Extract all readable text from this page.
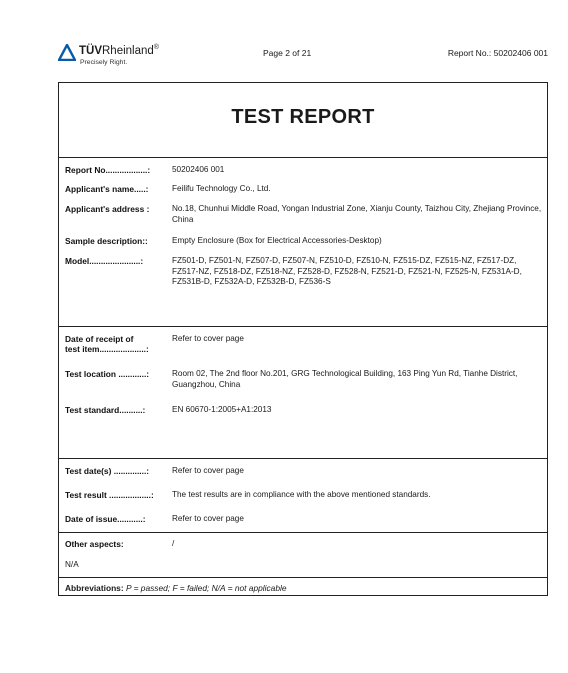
TÜVRheinland®
Precisely Right.
Page 2 of 21	Report No.: 50202406 001
TEST REPORT
Report No..................:	50202406 001
Applicant's name.....:	Feilifu Technology Co., Ltd.
Applicant's address :	No.18, Chunhui Middle Road, Yongan Industrial Zone, Xianju County, Taizhou City, Zhejiang Province, China
Sample description::	Empty Enclosure (Box for Electrical Accessories-Desktop)
Model......................:	FZ501-D, FZ501-N, FZ507-D, FZ507-N, FZ510-D, FZ510-N, FZ515-DZ, FZ515-NZ, FZ517-DZ, FZ517-NZ, FZ518-DZ, FZ518-NZ, FZ528-D, FZ528-N, FZ521-D, FZ521-N, FZ525-N, FZ531A-D, FZ531B-D, FZ532A-D, FZ532B-D, FZ536-S
Date of receipt of
test item....................:
Refer to cover page
Test location ............:	Room 02, The 2nd floor No.201, GRG Technological Building, 163 Ping Yun Rd, Tianhe District, Guangzhou, China
Test standard..........:	EN 60670-1:2005+A1:2013
Test date(s) ..............:	Refer to cover page
Test result ..................: The test results are in compliance with the above mentioned standards.
Date of issue...........:	Refer to cover page
Other aspects:	/
N/A
Abbreviations: P = passed; F = failed; N/A = not applicable
